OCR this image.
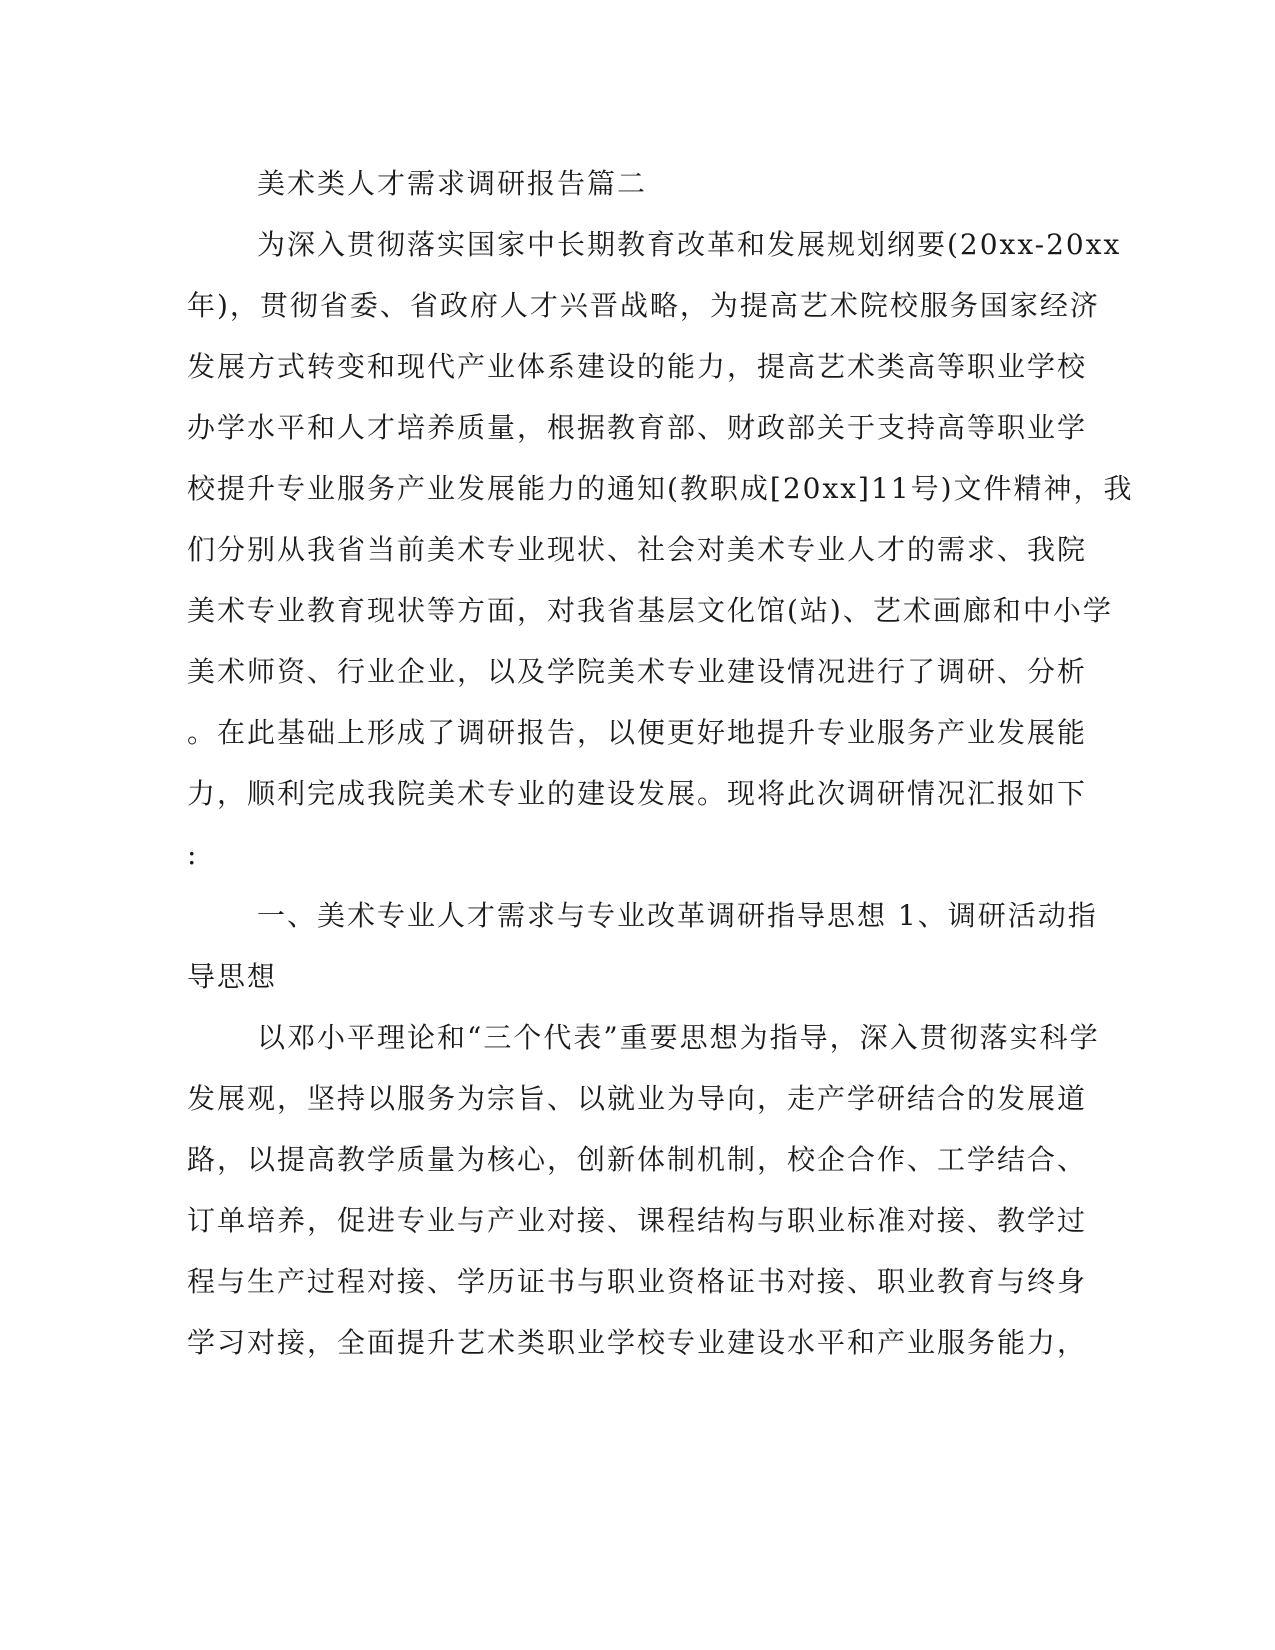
美术类人才需求调研报告篇二
为深入贯彻落实国家中长期教育改革和发展规划纲要(20xx-20xx
年)，贯彻省委、省政府人才兴晋战略，为提高艺术院校服务国家经济
发展方式转变和现代产业体系建设的能力，提高艺术类高等职业学校
办学水平和人才培养质量，根据教育部、财政部关于支持高等职业学
校提升专业服务产业发展能力的通知(教职成[20xx]11号)文件精神，我
们分别从我省当前美术专业现状、社会对美术专业人才的需求、我院
美术专业教育现状等方面，对我省基层文化馆(站)、艺术画廊和中小学
美术师资、行业企业，以及学院美术专业建设情况进行了调研、分析
。在此基础上形成了调研报告，以便更好地提升专业服务产业发展能
力，顺利完成我院美术专业的建设发展。现将此次调研情况汇报如下
:
一、美术专业人才需求与专业改革调研指导思想 1、调研活动指
导思想
以邓小平理论和“三个代表”重要思想为指导，深入贯彻落实科学
发展观，坚持以服务为宗旨、以就业为导向，走产学研结合的发展道
路，以提高教学质量为核心，创新体制机制，校企合作、工学结合、
订单培养，促进专业与产业对接、课程结构与职业标准对接、教学过
程与生产过程对接、学历证书与职业资格证书对接、职业教育与终身
学习对接，全面提升艺术类职业学校专业建设水平和产业服务能力，
